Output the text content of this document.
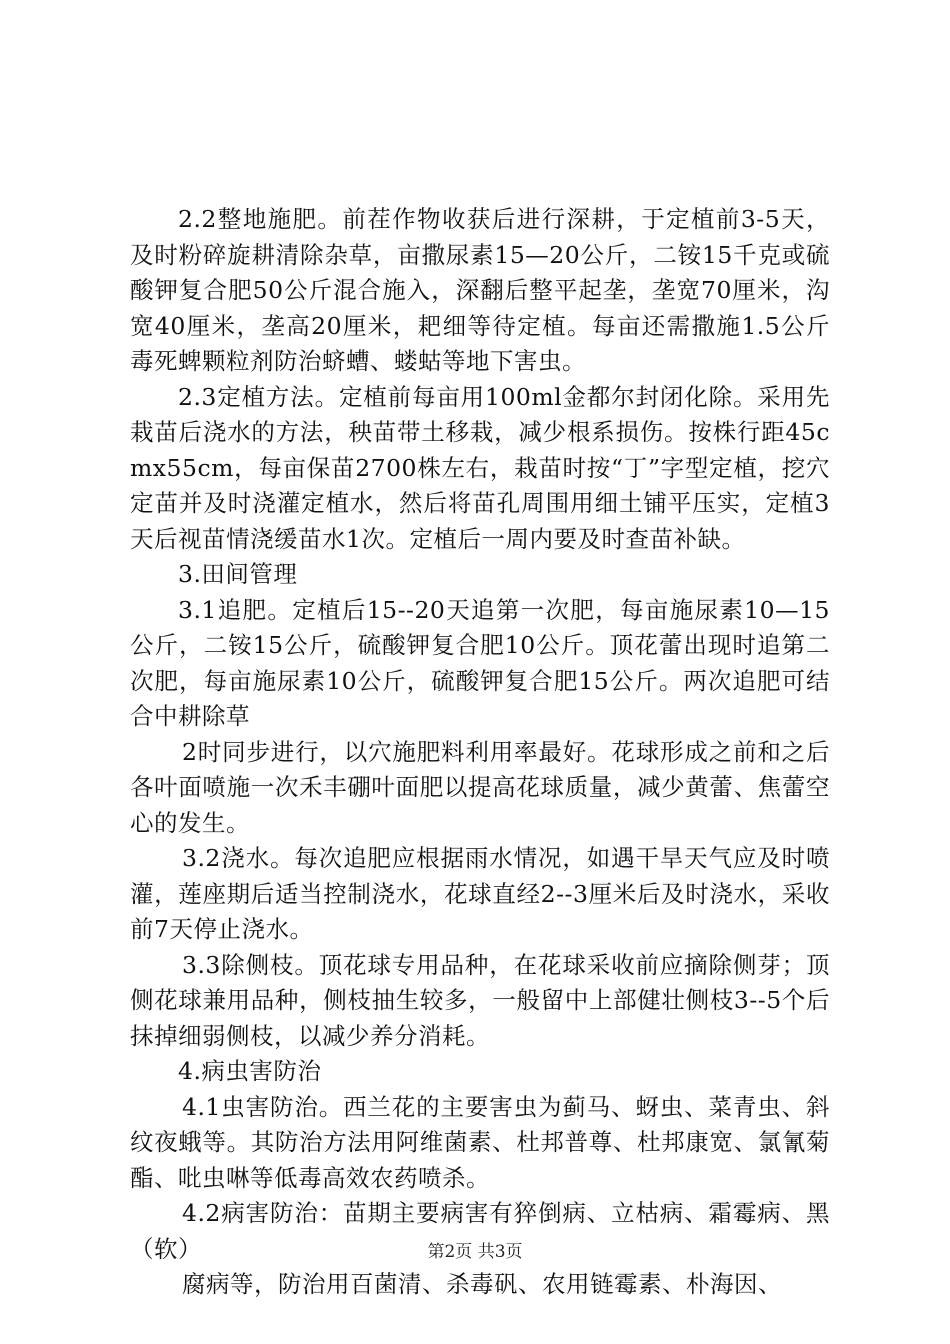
2.2整地施肥。前茬作物收获后进行深耕，于定植前3-5天，及时粉碎旋耕清除杂草，亩撒尿素15—20公斤，二铵15千克或硫酸钾复合肥50公斤混合施入，深翻后整平起垄，垄宽70厘米，沟宽40厘米，垄高20厘米，耙细等待定植。每亩还需撒施1.5公斤毒死蜱颗粒剂防治蛴螬、蝼蛄等地下害虫。

2.3定植方法。定植前每亩用100ml金都尔封闭化除。采用先栽苗后浇水的方法，秧苗带土移栽，减少根系损伤。按株行距45cmx55cm，每亩保苗2700株左右，栽苗时按“丁”字型定植，挖穴定苗并及时浇灌定植水，然后将苗孔周围用细土铺平压实，定植3天后视苗情浇缓苗水1次。定植后一周内要及时查苗补缺。

3.田间管理

3.1追肥。定植后15--20天追第一次肥，每亩施尿素10—15公斤，二铵15公斤，硫酸钾复合肥10公斤。顶花蕾出现时追第二次肥，每亩施尿素10公斤，硫酸钾复合肥15公斤。两次追肥可结合中耕除草

2时同步进行，以穴施肥料利用率最好。花球形成之前和之后各叶面喷施一次禾丰硼叶面肥以提高花球质量，减少黄蕾、焦蕾空心的发生。

3.2浇水。每次追肥应根据雨水情况，如遇干旱天气应及时喷灌，莲座期后适当控制浇水，花球直经2--3厘米后及时浇水，采收前7天停止浇水。

3.3除侧枝。顶花球专用品种，在花球采收前应摘除侧芽；顶侧花球兼用品种，侧枝抽生较多，一般留中上部健壮侧枝3--5个后抹掉细弱侧枝，以减少养分消耗。

4.病虫害防治

4.1虫害防治。西兰花的主要害虫为蓟马、蚜虫、菜青虫、斜纹夜蛾等。其防治方法用阿维菌素、杜邦普尊、杜邦康宽、氯氰菊酯、吡虫啉等低毒高效农药喷杀。

4.2病害防治：苗期主要病害有猝倒病、立枯病、霜霉病、黑（软）

腐病等，防治用百菌清、杀毒矾、农用链霉素、朴海因、

第2页 共3页
